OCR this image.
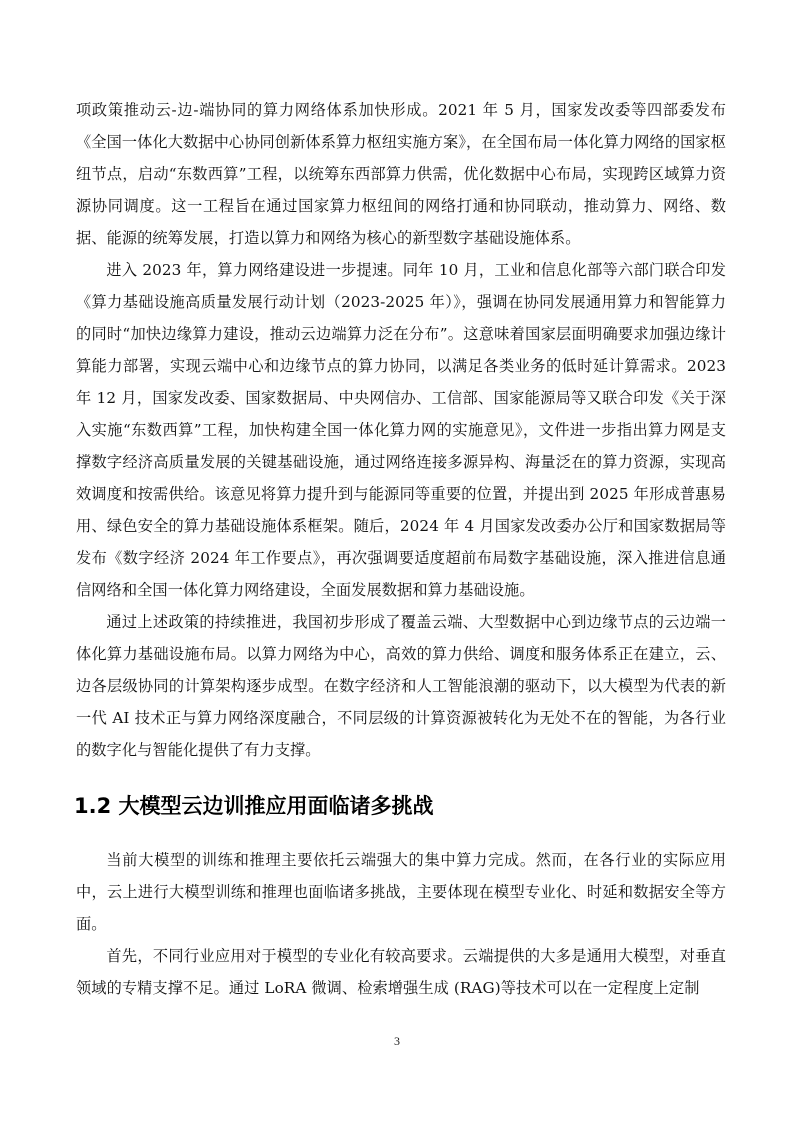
项政策推动云-边-端协同的算力网络体系加快形成。2021 年 5 月，国家发改委等四部委发布《全国一体化大数据中心协同创新体系算力枢纽实施方案》，在全国布局一体化算力网络的国家枢纽节点，启动“东数西算”工程，以统筹东西部算力供需，优化数据中心布局，实现跨区域算力资源协同调度。这一工程旨在通过国家算力枢纽间的网络打通和协同联动，推动算力、网络、数据、能源的统筹发展，打造以算力和网络为核心的新型数字基础设施体系。

进入 2023 年，算力网络建设进一步提速。同年 10 月，工业和信息化部等六部门联合印发《算力基础设施高质量发展行动计划（2023-2025 年）》，强调在协同发展通用算力和智能算力的同时“加快边缘算力建设，推动云边端算力泛在分布”。这意味着国家层面明确要求加强边缘计算能力部署，实现云端中心和边缘节点的算力协同，以满足各类业务的低时延计算需求。2023 年 12 月，国家发改委、国家数据局、中央网信办、工信部、国家能源局等又联合印发《关于深入实施“东数西算”工程，加快构建全国一体化算力网的实施意见》，文件进一步指出算力网是支撑数字经济高质量发展的关键基础设施，通过网络连接多源异构、海量泛在的算力资源，实现高效调度和按需供给。该意见将算力提升到与能源同等重要的位置，并提出到 2025 年形成普惠易用、绿色安全的算力基础设施体系框架。随后，2024 年 4 月国家发改委办公厅和国家数据局等发布《数字经济 2024 年工作要点》，再次强调要适度超前布局数字基础设施，深入推进信息通信网络和全国一体化算力网络建设，全面发展数据和算力基础设施。

通过上述政策的持续推进，我国初步形成了覆盖云端、大型数据中心到边缘节点的云边端一体化算力基础设施布局。以算力网络为中心，高效的算力供给、调度和服务体系正在建立，云、边各层级协同的计算架构逐步成型。在数字经济和人工智能浪潮的驱动下，以大模型为代表的新一代 AI 技术正与算力网络深度融合，不同层级的计算资源被转化为无处不在的智能，为各行业的数字化与智能化提供了有力支撑。

1.2 大模型云边训推应用面临诸多挑战

当前大模型的训练和推理主要依托云端强大的集中算力完成。然而，在各行业的实际应用中，云上进行大模型训练和推理也面临诸多挑战，主要体现在模型专业化、时延和数据安全等方面。

首先，不同行业应用对于模型的专业化有较高要求。云端提供的大多是通用大模型，对垂直领域的专精支撑不足。通过 LoRA 微调、检索增强生成 (RAG)等技术可以在一定程度上定制

3
